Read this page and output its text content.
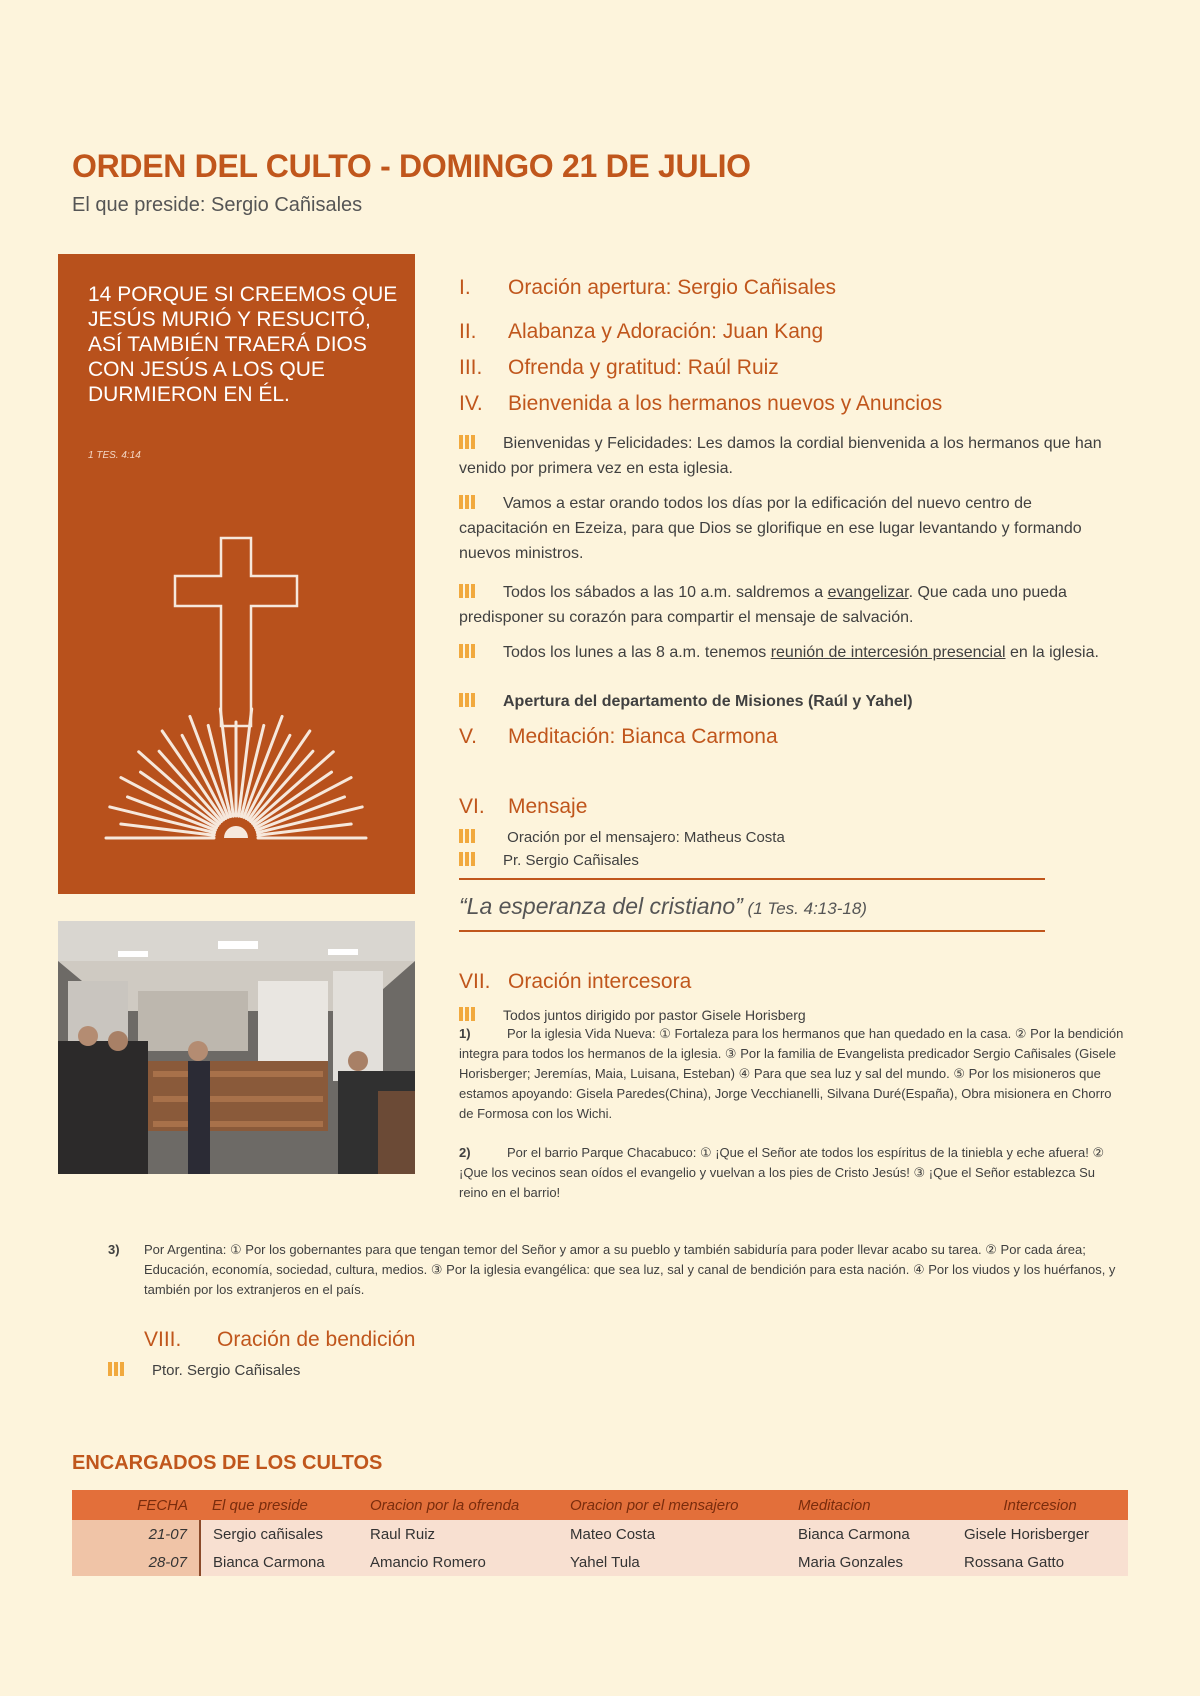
ORDEN DEL CULTO - DOMINGO 21 DE JULIO
El que preside: Sergio Cañisales
14 PORQUE SI CREEMOS QUE JESÚS MURIÓ Y RESUCITÓ, ASÍ TAMBIÉN TRAERÁ DIOS CON JESÚS A LOS QUE DURMIERON EN ÉL.
1 TES. 4:14
I.	Oración apertura: Sergio Cañisales
II.	Alabanza y Adoración: Juan Kang
III.	Ofrenda y gratitud: Raúl Ruiz
IV.	Bienvenida a los hermanos nuevos y Anuncios
Bienvenidas y Felicidades: Les damos la cordial bienvenida a los hermanos que han venido por primera vez en esta iglesia.
Vamos a estar orando todos los días por la edificación del nuevo centro de capacitación en Ezeiza, para que Dios se glorifique en ese lugar levantando y formando nuevos ministros.
Todos los sábados a las 10 a.m. saldremos a evangelizar. Que cada uno pueda predisponer su corazón para compartir el mensaje de salvación.
Todos los lunes a las 8 a.m. tenemos reunión de intercesión presencial en la iglesia.
Apertura del departamento de Misiones (Raúl y Yahel)
V.	Meditación: Bianca Carmona
VI.	Mensaje
Oración por el mensajero: Matheus Costa
Pr. Sergio Cañisales
“La esperanza del cristiano” (1 Tes. 4:13-18)
VII. Oración intercesora
Todos juntos dirigido por pastor Gisele Horisberg
1)	Por la iglesia Vida Nueva: ① Fortaleza para los hermanos que han quedado en la casa. ② Por la bendición integra para todos los hermanos de la iglesia. ③ Por la familia de Evangelista predicador Sergio Cañisales (Gisele Horisberger; Jeremías, Maia, Luisana, Esteban) ④ Para que sea luz y sal del mundo. ⑤ Por los misioneros que estamos apoyando: Gisela Paredes(China), Jorge Vecchianelli, Silvana Duré(España), Obra misionera en Chorro de Formosa con los Wichi.
2)	Por el barrio Parque Chacabuco: ① ¡Que el Señor ate todos los espíritus de la tiniebla y eche afuera! ② ¡Que los vecinos sean oídos el evangelio y vuelvan a los pies de Cristo Jesús! ③ ¡Que el Señor establezca Su reino en el barrio!
3) Por Argentina: ① Por los gobernantes para que tengan temor del Señor y amor a su pueblo y también sabiduría para poder llevar acabo su tarea. ② Por cada área; Educación, economía, sociedad, cultura, medios. ③ Por la iglesia evangélica: que sea luz, sal y canal de bendición para esta nación. ④ Por los viudos y los huérfanos, y también por los extranjeros en el país.
VIII. Oración de bendición
Ptor. Sergio Cañisales
ENCARGADOS DE LOS CULTOS
FECHA	El que preside	Oracion por la ofrenda	Oracion por el mensajero	Meditacion	Intercesion
21-07	Sergio cañisales	Raul Ruiz	Mateo Costa	Bianca Carmona	Gisele Horisberger
28-07	Bianca Carmona	Amancio Romero	Yahel Tula	Maria Gonzales	Rossana Gatto
